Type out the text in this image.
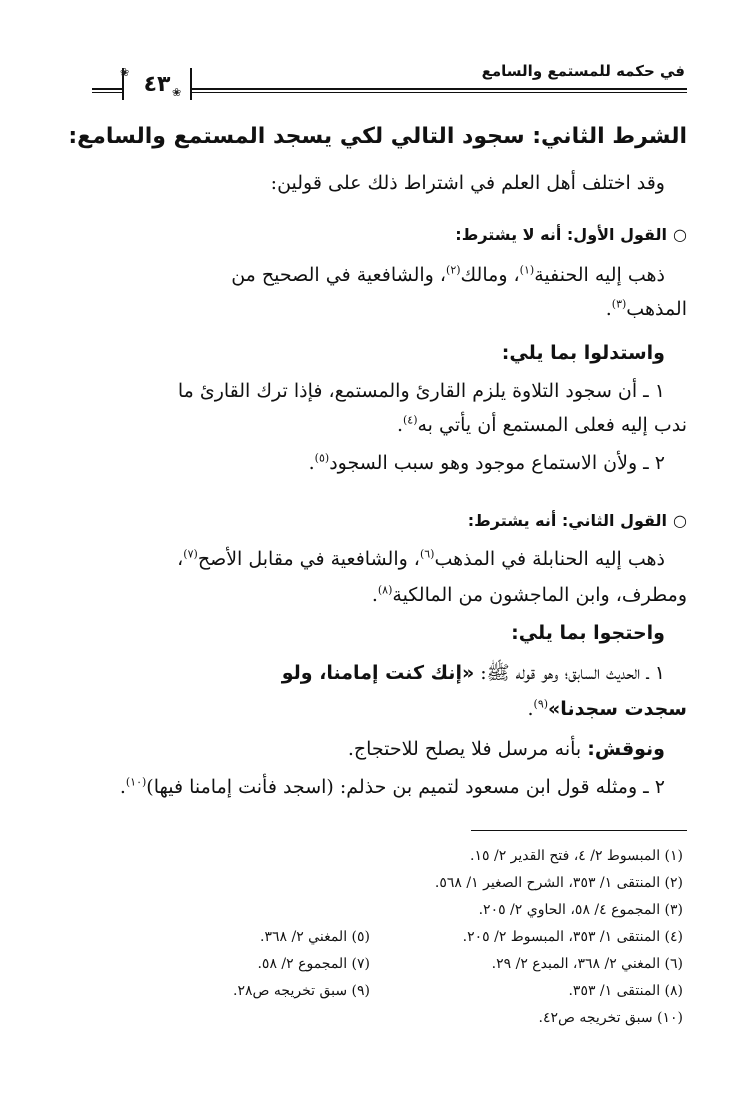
في حكمه للمستمع والسامع
٤٣
❀
❀
الشرط الثاني: سجود التالي لكي يسجد المستمع والسامع:
وقد اختلف أهل العلم في اشتراط ذلك على قولين:
○القول الأول: أنه لا يشترط:
ذهب إليه الحنفية$^{(١)}$، ومالك$^{(٢)}$، والشافعية في الصحيح من
المذهب$^{(٣)}$.
واستدلوا بما يلي:
١ ـ أن سجود التلاوة يلزم القارئ والمستمع، فإذا ترك القارئ ما
ندب إليه فعلى المستمع أن يأتي به$^{(٤)}$.
٢ ـ ولأن الاستماع موجود وهو سبب السجود$^{(٥)}$.
○القول الثاني: أنه يشترط:
ذهب إليه الحنابلة في المذهب$^{(٦)}$، والشافعية في مقابل الأصح$^{(٧)}$،
ومطرف، وابن الماجشون من المالكية$^{(٨)}$.
واحتجوا بما يلي:
١ ـ الحديث السابق؛ وهو قوله ﷺ: «إنك كنت إمامنا، ولو
سجدت سجدنا»$^{(٩)}$.
ونوقش: بأنه مرسل فلا يصلح للاحتجاج.
٢ ـ ومثله قول ابن مسعود لتميم بن حذلم: (اسجد فأنت إمامنا فيها)$^{(١٠)}$.
(١) المبسوط ٢/ ٤، فتح القدير ٢/ ١٥.
(٢) المنتقى ١/ ٣٥٣، الشرح الصغير ١/ ٥٦٨.
(٣) المجموع ٤/ ٥٨، الحاوي ٢/ ٢٠٥.
(٤) المنتقى ١/ ٣٥٣، المبسوط ٢/ ٢٠٥.
(٥) المغني ٢/ ٣٦٨.
(٦) المغني ٢/ ٣٦٨، المبدع ٢/ ٢٩.
(٧) المجموع ٢/ ٥٨.
(٨) المنتقى ١/ ٣٥٣.
(٩) سبق تخريجه ص٢٨.
(١٠) سبق تخريجه ص٤٢.
